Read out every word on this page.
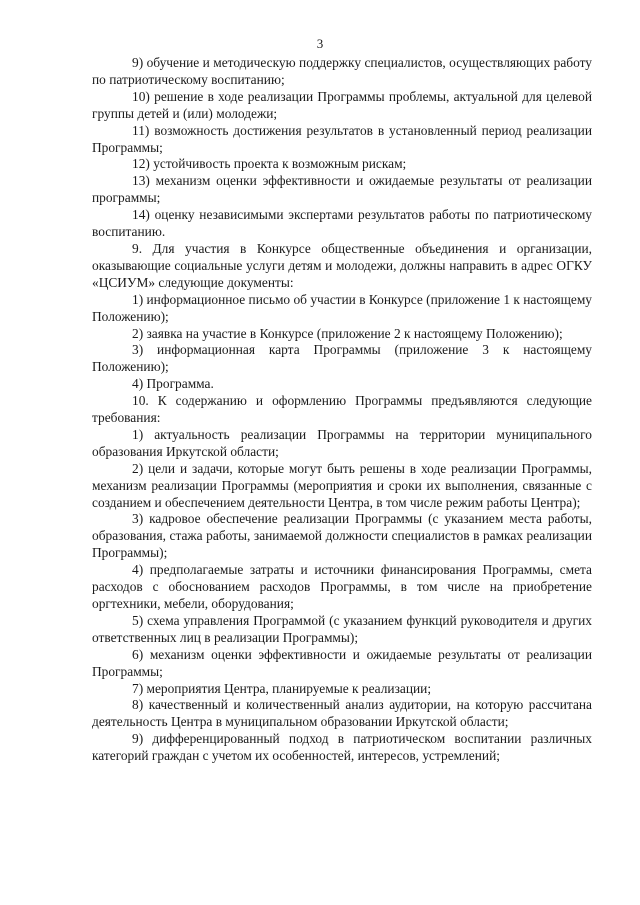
3

9) обучение и методическую поддержку специалистов, осуществляющих работу по патриотическому воспитанию;

10) решение в ходе реализации Программы проблемы, актуальной для целевой группы детей и (или) молодежи;

11) возможность достижения результатов в установленный период реализации Программы;

12) устойчивость проекта к возможным рискам;

13) механизм оценки эффективности и ожидаемые результаты от реализации программы;

14) оценку независимыми экспертами результатов работы по патриотическому воспитанию.

9. Для участия в Конкурсе общественные объединения и организации, оказывающие социальные услуги детям и молодежи, должны направить в адрес ОГКУ «ЦСИУМ» следующие документы:

1) информационное письмо об участии в Конкурсе (приложение 1 к настоящему Положению);

2) заявка на участие в Конкурсе (приложение 2 к настоящему Положению);

3) информационная карта Программы (приложение 3 к настоящему Положению);

4) Программа.

10. К содержанию и оформлению Программы предъявляются следующие требования:

1) актуальность реализации Программы на территории муниципального образования Иркутской области;

2) цели и задачи, которые могут быть решены в ходе реализации Программы, механизм реализации Программы (мероприятия и сроки их выполнения, связанные с созданием и обеспечением деятельности Центра, в том числе режим работы Центра);

3) кадровое обеспечение реализации Программы (с указанием места работы, образования, стажа работы, занимаемой должности специалистов в рамках реализации Программы);

4) предполагаемые затраты и источники финансирования Программы, смета расходов с обоснованием расходов Программы, в том числе на приобретение оргтехники, мебели, оборудования;

5) схема управления Программой (с указанием функций руководителя и других ответственных лиц в реализации Программы);

6) механизм оценки эффективности и ожидаемые результаты от реализации Программы;

7) мероприятия Центра, планируемые к реализации;

8) качественный и количественный анализ аудитории, на которую рассчитана деятельность Центра в муниципальном образовании Иркутской области;

9) дифференцированный подход в патриотическом воспитании различных категорий граждан с учетом их особенностей, интересов, устремлений;
